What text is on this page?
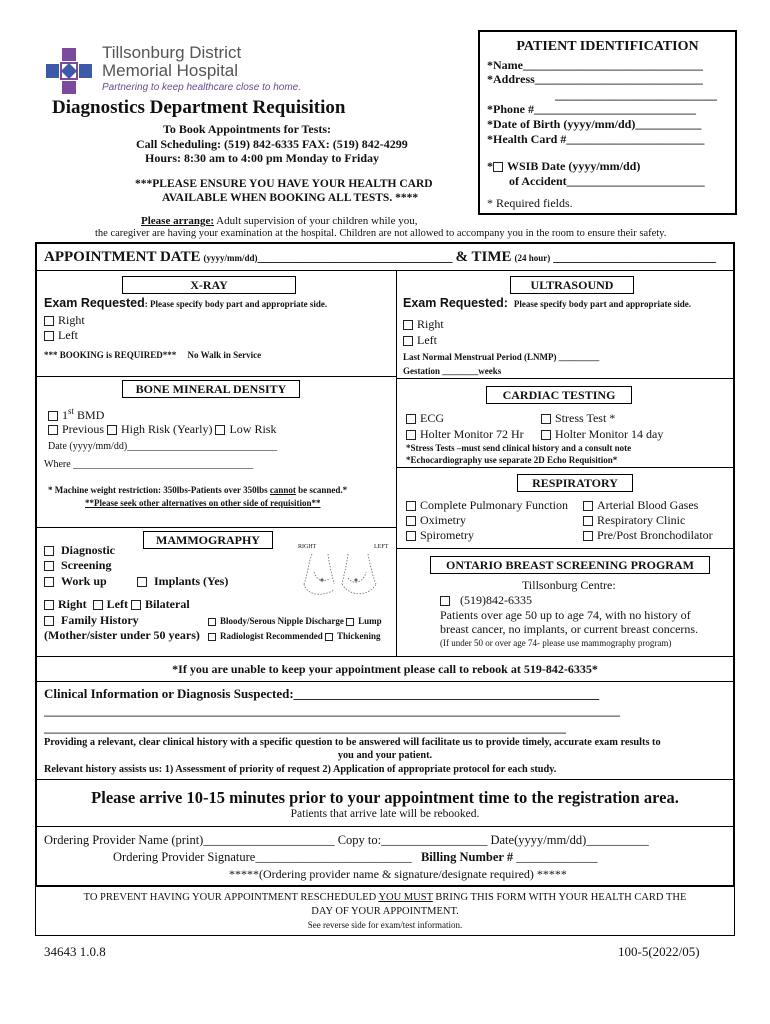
Tillsonburg District
Memorial Hospital
Partnering to keep healthcare close to home.
Diagnostics Department Requisition
To Book Appointments for Tests:
Call Scheduling: (519) 842-6335 FAX: (519) 842-4299
Hours: 8:30 am to 4:00 pm Monday to Friday
***PLEASE ENSURE YOU HAVE YOUR HEALTH CARD
AVAILABLE WHEN BOOKING ALL TESTS. ****
PATIENT IDENTIFICATION
*Name______________________________
*Address____________________________
___________________________
*Phone #___________________________
*Date of Birth (yyyy/mm/dd)___________
*Health Card #_______________________
* WSIB Date (yyyy/mm/dd)
of Accident_______________________
* Required fields.
Please arrange: Adult supervision of your children while you,
the caregiver are having your examination at the hospital. Children are not allowed to accompany you in the room to ensure their safety.
APPOINTMENT DATE (yyyy/mm/dd)______________________________ & TIME (24 hour) _________________________
X-RAY
Exam Requested: Please specify body part and appropriate side.
Right
Left
*** BOOKING is REQUIRED*** No Walk in Service
ULTRASOUND
Exam Requested: Please specify body part and appropriate side.
Right
Left
Last Normal Menstrual Period (LNMP) _________
Gestation ________weeks
BONE MINERAL DENSITY
1st BMD
Previous High Risk (Yearly) Low Risk
Date (yyyy/mm/dd)______________________________
Where ____________________________________
* Machine weight restriction: 350lbs-Patients over 350lbs cannot be scanned.*
**Please seek other alternatives on other side of requisition**
CARDIAC TESTING
ECG	Stress Test *
Holter Monitor 72 Hr	Holter Monitor 14 day
*Stress Tests –must send clinical history and a consult note
*Echocardiography use separate 2D Echo Requisition*
RESPIRATORY
Complete Pulmonary Function	Arterial Blood Gases
Oximetry	Respiratory Clinic
Spirometry	Pre/Post Bronchodilator
MAMMOGRAPHY
Diagnostic
Screening
Work up	Implants (Yes)
RIGHT	LEFT
Right Left Bilateral
Family History
(Mother/sister under 50 years)
Bloody/Serous Nipple Discharge Lump
Radiologist Recommended Thickening
ONTARIO BREAST SCREENING PROGRAM
Tillsonburg Centre:
(519)842-6335
Patients over age 50 up to age 74, with no history of
breast cancer, no implants, or current breast concerns.
(If under 50 or over age 74- please use mammography program)
*If you are unable to keep your appointment please call to rebook at 519-842-6335*
Clinical Information or Diagnosis Suspected:_______________________________________________
________________________________________________________________________________________________
_______________________________________________________________________________________
Providing a relevant, clear clinical history with a specific question to be answered will facilitate us to provide timely, accurate exam results to
you and your patient.
Relevant history assists us: 1) Assessment of priority of request 2) Application of appropriate protocol for each study.
Please arrive 10-15 minutes prior to your appointment time to the registration area.
Patients that arrive late will be rebooked.
Ordering Provider Name (print)_____________________ Copy to:_________________ Date(yyyy/mm/dd)__________
Ordering Provider Signature_________________________ Billing Number # _____________
*****(Ordering provider name & signature/designate required) *****
TO PREVENT HAVING YOUR APPOINTMENT RESCHEDULED YOU MUST BRING THIS FORM WITH YOUR HEALTH CARD THE
DAY OF YOUR APPOINTMENT.
See reverse side for exam/test information.
34643 1.0.8	100-5(2022/05)
